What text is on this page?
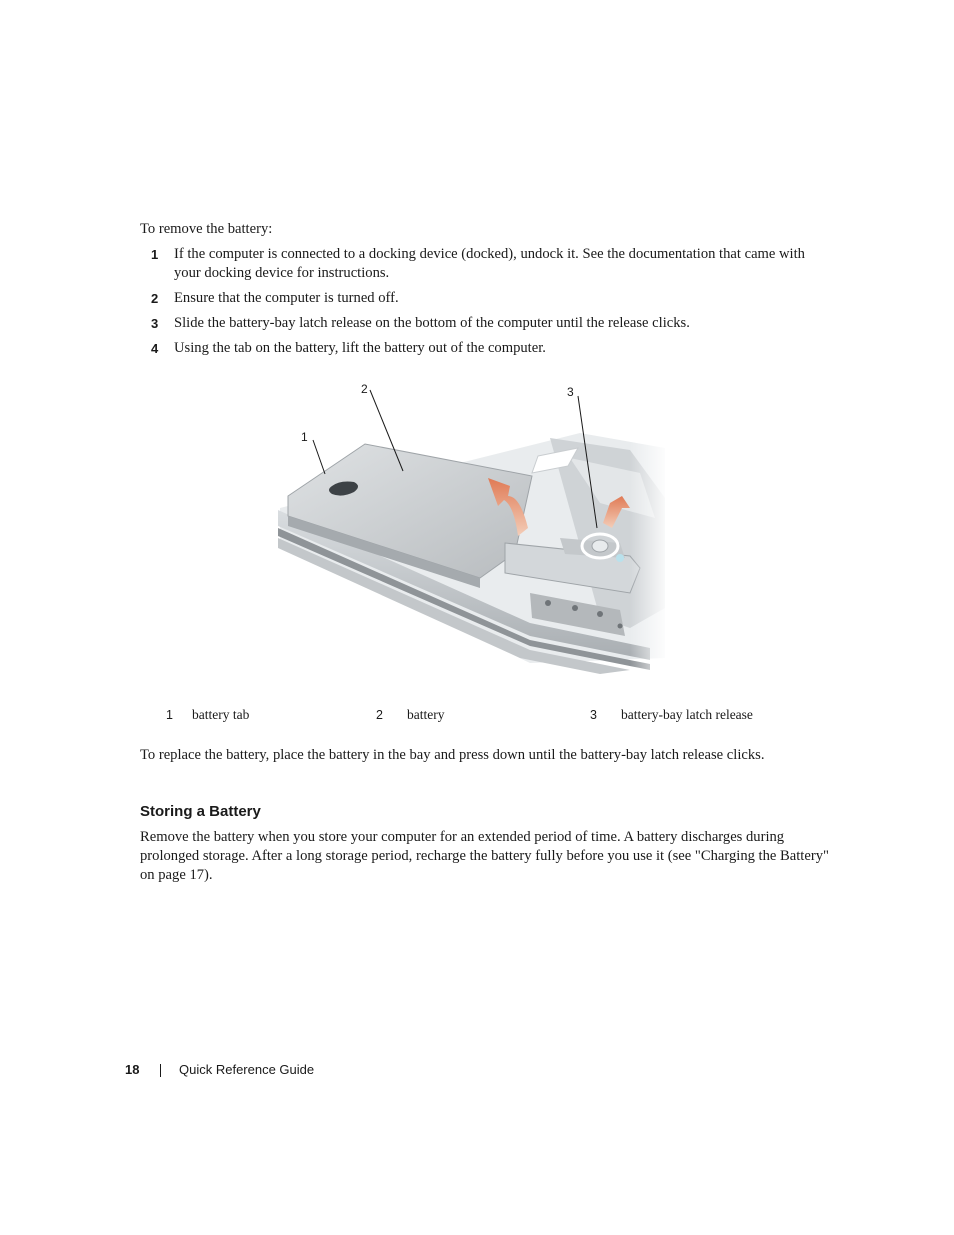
To remove the battery:
1 If the computer is connected to a docking device (docked), undock it. See the documentation that came with your docking device for instructions.
2 Ensure that the computer is turned off.
3 Slide the battery-bay latch release on the bottom of the computer until the release clicks.
4 Using the tab on the battery, lift the battery out of the computer.
1
2	3
1 battery tab	2 battery	3 battery-bay latch release
To replace the battery, place the battery in the bay and press down until the battery-bay latch release clicks.
Storing a Battery
Remove the battery when you store your computer for an extended period of time. A battery discharges during prolonged storage. After a long storage period, recharge the battery fully before you use it (see "Charging the Battery" on page 17).
18	Quick Reference Guide
